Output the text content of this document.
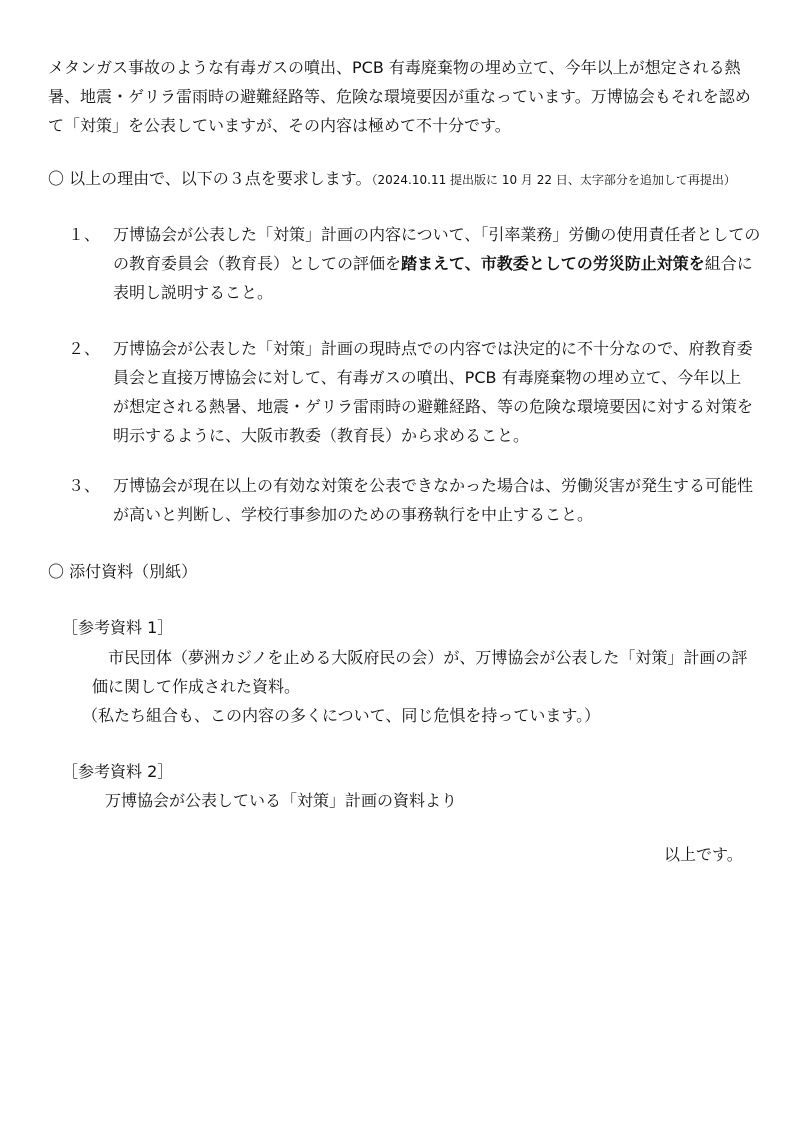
メタンガス事故のような有毒ガスの噴出、PCB 有毒廃棄物の埋め立て、今年以上が想定される熱
暑、地震・ゲリラ雷雨時の避難経路等、危険な環境要因が重なっています。万博協会もそれを認め
て「対策」を公表していますが、その内容は極めて不十分です。
〇 以上の理由で、以下の３点を要求します。（2024.10.11 提出版に 10 月 22 日、太字部分を追加して再提出）
１、 万博協会が公表した「対策」計画の内容について、「引率業務」労働の使用責任者としての
の教育委員会（教育長）としての評価を踏まえて、市教委としての労災防止対策を組合に
表明し説明すること。
２、 万博協会が公表した「対策」計画の現時点での内容では決定的に不十分なので、府教育委
員会と直接万博協会に対して、有毒ガスの噴出、PCB 有毒廃棄物の埋め立て、今年以上
が想定される熱暑、地震・ゲリラ雷雨時の避難経路、等の危険な環境要因に対する対策を
明示するように、大阪市教委（教育長）から求めること。
３、 万博協会が現在以上の有効な対策を公表できなかった場合は、労働災害が発生する可能性
が高いと判断し、学校行事参加のための事務執行を中止すること。
〇 添付資料（別紙）
［参考資料 1］
市民団体（夢洲カジノを止める大阪府民の会）が、万博協会が公表した「対策」計画の評
価に関して作成された資料。
（私たち組合も、この内容の多くについて、同じ危惧を持っています。）
［参考資料 2］
万博協会が公表している「対策」計画の資料より
以上です。
